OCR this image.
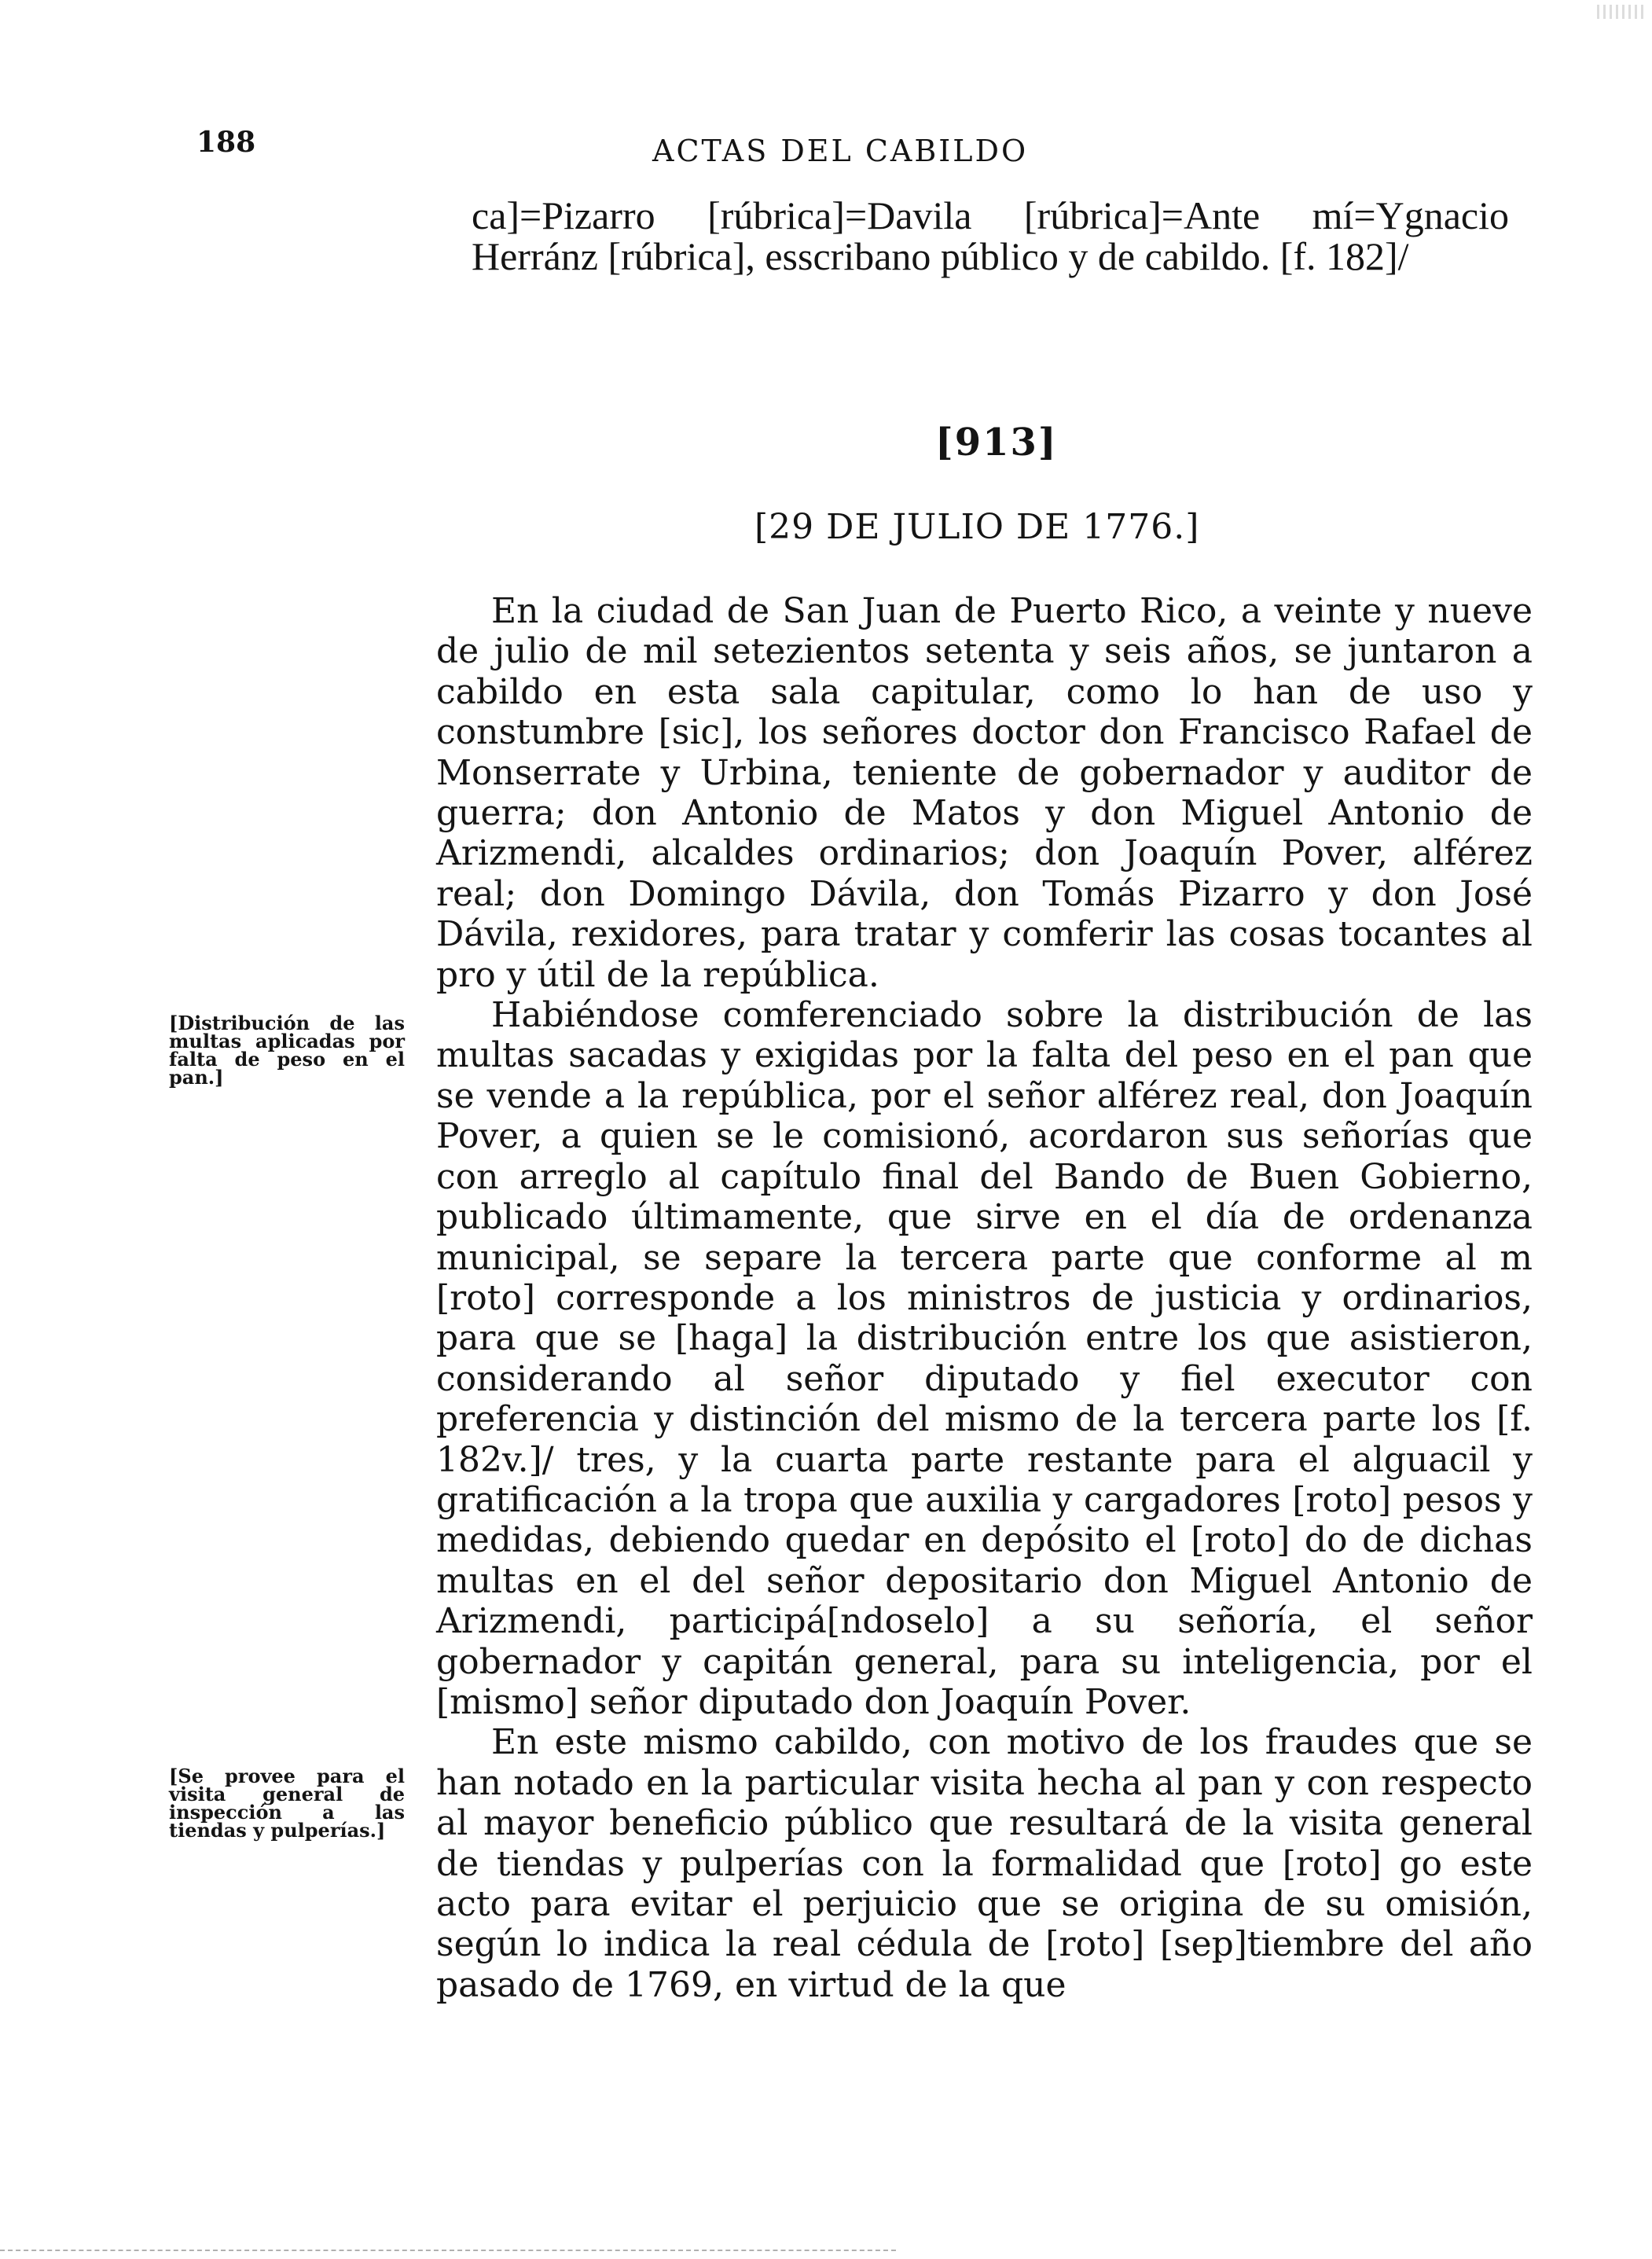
188	ACTAS DEL CABILDO

ca]=Pizarro [rúbrica]=Davila [rúbrica]=Ante mí=Ygnacio Herránz [rúbrica], esscribano público y de cabildo. [f. 182]/

[913]
[29 DE JULIO DE 1776.]
[Distribución de las multas aplicadas por falta de peso en el pan.]
[Se provee para el visita general de inspección a las tiendas y pulperías.]

En la ciudad de San Juan de Puerto Rico, a veinte y nueve de julio de mil setezientos setenta y seis años, se juntaron a cabildo en esta sala capitular, como lo han de uso y constumbre [sic], los señores doctor don Francisco Rafael de Monserrate y Urbina, teniente de gobernador y auditor de guerra; don Antonio de Matos y don Miguel Antonio de Arizmendi, alcaldes ordinarios; don Joaquín Pover, alférez real; don Domingo Dávila, don Tomás Pizarro y don José Dávila, rexidores, para tratar y comferir las cosas tocantes al pro y útil de la república.

Habiéndose comferenciado sobre la distribución de las multas sacadas y exigidas por la falta del peso en el pan que se vende a la república, por el señor alférez real, don Joaquín Pover, a quien se le comisionó, acordaron sus señorías que con arreglo al capítulo final del Bando de Buen Gobierno, publicado últimamente, que sirve en el día de ordenanza municipal, se separe la tercera parte que conforme al m [roto] corresponde a los ministros de justicia y ordinarios, para que se [haga] la distribución entre los que asistieron, considerando al señor diputado y fiel executor con preferencia y distinción del mismo de la tercera parte los [f. 182v.]/ tres, y la cuarta parte restante para el alguacil y gratificación a la tropa que auxilia y cargadores [roto] pesos y medidas, debiendo quedar en depósito el [roto] do de dichas multas en el del señor depositario don Miguel Antonio de Arizmendi, participá[ndoselo] a su señoría, el señor gobernador y capitán general, para su inteligencia, por el [mismo] señor diputado don Joaquín Pover.

En este mismo cabildo, con motivo de los fraudes que se han notado en la particular visita hecha al pan y con respecto al mayor beneficio público que resultará de la visita general de tiendas y pulperías con la formalidad que [roto] go este acto para evitar el perjuicio que se origina de su omisión, según lo indica la real cédula de [roto] [sep]tiembre del año pasado de 1769, en virtud de la que
